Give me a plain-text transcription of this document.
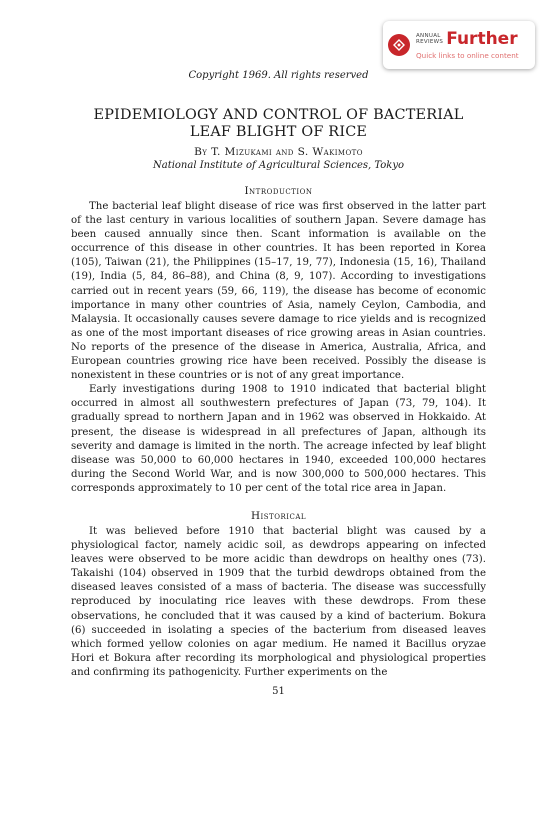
ANNUAL
REVIEWS Further
Quick links to online content
Copyright 1969. All rights reserved
EPIDEMIOLOGY AND CONTROL OF BACTERIAL
LEAF BLIGHT OF RICE
By T. Mizukami and S. Wakimoto
National Institute of Agricultural Sciences, Tokyo
Introduction

The bacterial leaf blight disease of rice was first observed in the latter part of the last century in various localities of southern Japan. Severe damage has been caused annually since then. Scant information is available on the occurrence of this disease in other countries. It has been reported in Korea (105), Taiwan (21), the Philippines (15–17, 19, 77), Indonesia (15, 16), Thailand (19), India (5, 84, 86–88), and China (8, 9, 107). According to investigations carried out in recent years (59, 66, 119), the disease has become of economic importance in many other countries of Asia, namely Ceylon, Cambodia, and Malaysia. It occasionally causes severe damage to rice yields and is recognized as one of the most important diseases of rice growing areas in Asian countries. No reports of the presence of the disease in America, Australia, Africa, and European countries growing rice have been received. Possibly the disease is nonexistent in these countries or is not of any great importance.

Early investigations during 1908 to 1910 indicated that bacterial blight occurred in almost all southwestern prefectures of Japan (73, 79, 104). It gradually spread to northern Japan and in 1962 was observed in Hokkaido. At present, the disease is widespread in all prefectures of Japan, although its severity and damage is limited in the north. The acreage infected by leaf blight disease was 50,000 to 60,000 hectares in 1940, exceeded 100,000 hectares during the Second World War, and is now 300,000 to 500,000 hectares. This corresponds approximately to 10 per cent of the total rice area in Japan.

Historical

It was believed before 1910 that bacterial blight was caused by a physiological factor, namely acidic soil, as dewdrops appearing on infected leaves were observed to be more acidic than dewdrops on healthy ones (73). Takaishi (104) observed in 1909 that the turbid dewdrops obtained from the diseased leaves consisted of a mass of bacteria. The disease was successfully reproduced by inoculating rice leaves with these dewdrops. From these observations, he concluded that it was caused by a kind of bacterium. Bokura (6) succeeded in isolating a species of the bacterium from diseased leaves which formed yellow colonies on agar medium. He named it Bacillus oryzae Hori et Bokura after recording its morphological and physiological properties and confirming its pathogenicity. Further experiments on the

51
